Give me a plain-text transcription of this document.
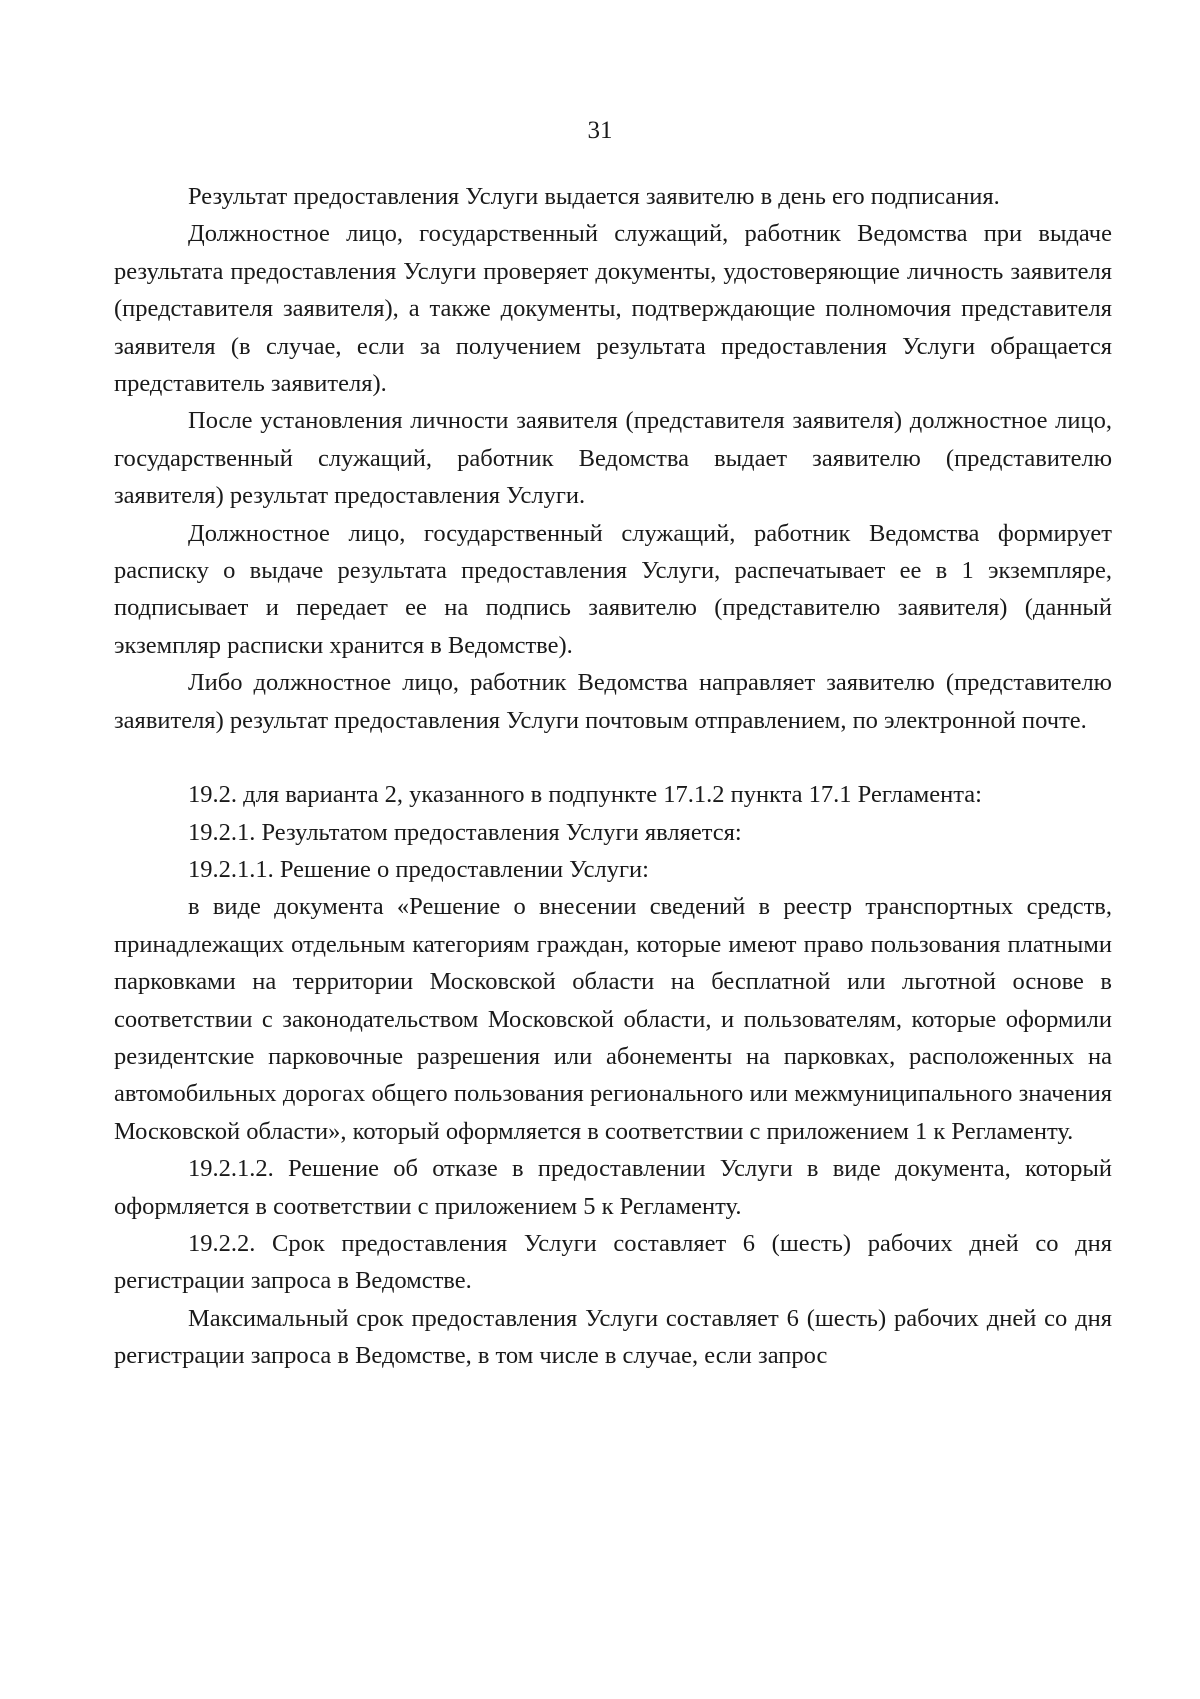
31

Результат предоставления Услуги выдается заявителю в день его подписания.

Должностное лицо, государственный служащий, работник Ведомства при выдаче результата предоставления Услуги проверяет документы, удостоверяющие личность заявителя (представителя заявителя), а также документы, подтверждающие полномочия представителя заявителя (в случае, если за получением результата предоставления Услуги обращается представитель заявителя).

После установления личности заявителя (представителя заявителя) должностное лицо, государственный служащий, работник Ведомства выдает заявителю (представителю заявителя) результат предоставления Услуги.

Должностное лицо, государственный служащий, работник Ведомства формирует расписку о выдаче результата предоставления Услуги, распечатывает ее в 1 экземпляре, подписывает и передает ее на подпись заявителю (представителю заявителя) (данный экземпляр расписки хранится в Ведомстве).

Либо должностное лицо, работник Ведомства направляет заявителю (представителю заявителя) результат предоставления Услуги почтовым отправлением, по электронной почте.

19.2. для варианта 2, указанного в подпункте 17.1.2 пункта 17.1 Регламента:

19.2.1. Результатом предоставления Услуги является:

19.2.1.1. Решение о предоставлении Услуги:

в виде документа «Решение о внесении сведений в реестр транспортных средств, принадлежащих отдельным категориям граждан, которые имеют право пользования платными парковками на территории Московской области на бесплатной или льготной основе в соответствии с законодательством Московской области, и пользователям, которые оформили резидентские парковочные разрешения или абонементы на парковках, расположенных на автомобильных дорогах общего пользования регионального или межмуниципального значения Московской области», который оформляется в соответствии с приложением 1 к Регламенту.

19.2.1.2. Решение об отказе в предоставлении Услуги в виде документа, который оформляется в соответствии с приложением 5 к Регламенту.

19.2.2. Срок предоставления Услуги составляет 6 (шесть) рабочих дней со дня регистрации запроса в Ведомстве.

Максимальный срок предоставления Услуги составляет 6 (шесть) рабочих дней со дня регистрации запроса в Ведомстве, в том числе в случае, если запрос
